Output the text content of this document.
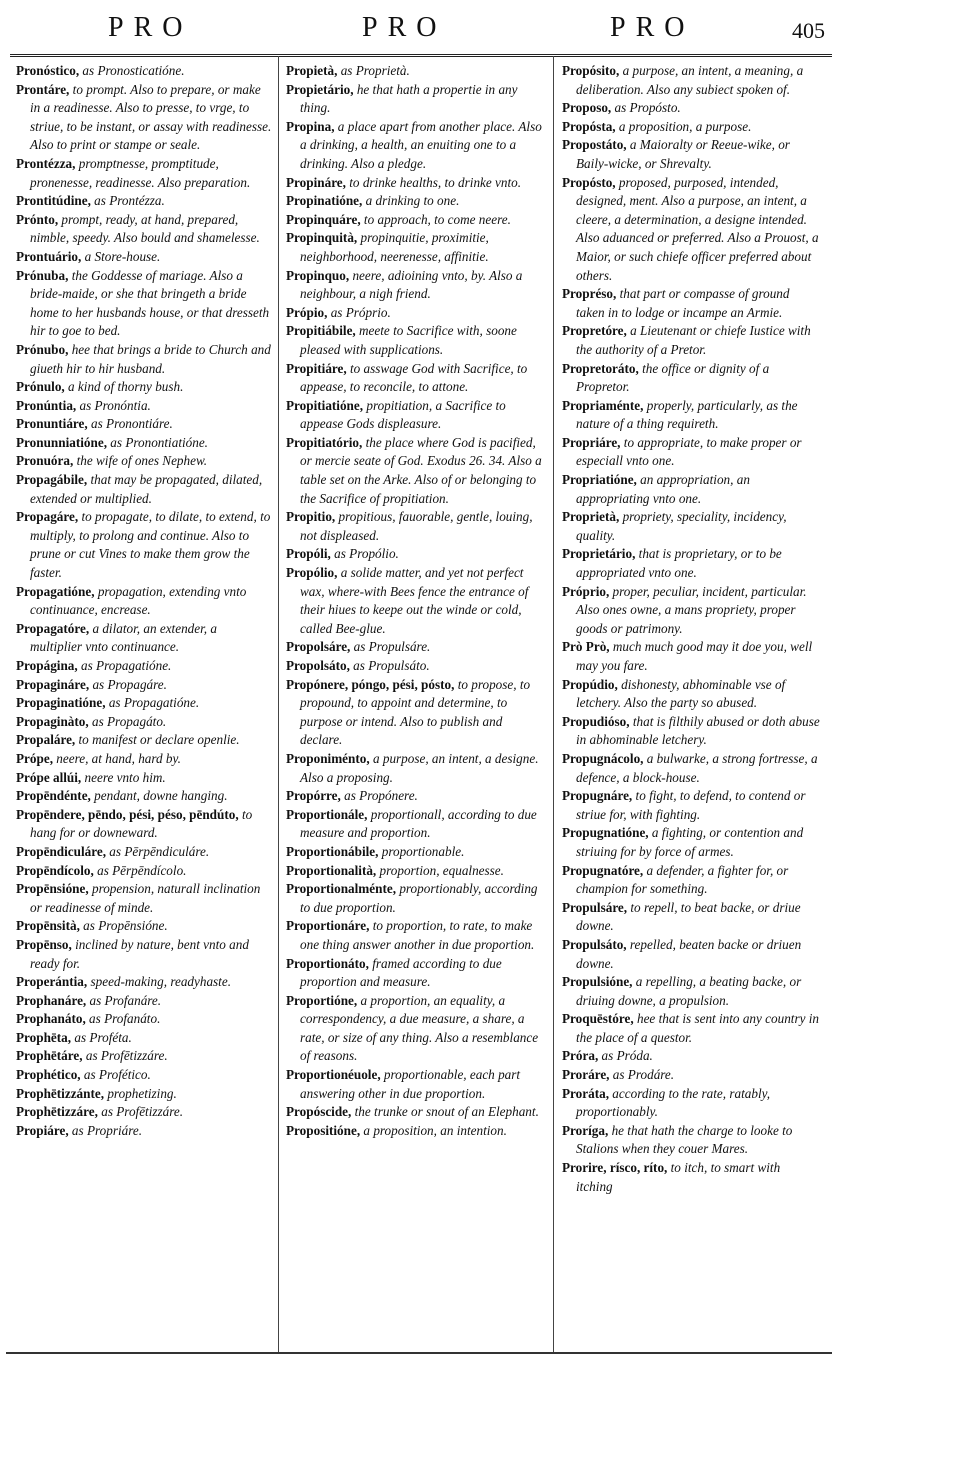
PRO	PRO	PRO	405

Pronósticο, as Pronosticatióne.

Prontáre, to prompt. Also to prepare, or make in a readinesse. Also to presse, to vrge, to striue, to be instant, or assay with readinesse. Also to print or stampe or seale.

Prontézza, promptnesse, promptitude, pronenesse, readinesse. Also preparation.

Prontitúdine, as Prontézza.

Prónto, prompt, ready, at hand, prepared, nimble, speedy. Also bould and shamelesse.

Prontuário, a Store-house.

Prónuba, the Goddesse of mariage. Also a bride-maide, or she that bringeth a bride home to her husbands house, or that dresseth hir to goe to bed.

Prónubo, hee that brings a bride to Church and giueth hir to hir husband.

Prónulo, a kind of thorny bush.

Pronúntia, as Pronóntia.

Pronuntiáre, as Pronontiáre.

Pronunniatióne, as Pronontiatióne.

Pronuóra, the wife of ones Nephew.

Propagábile, that may be propagated, dilated, extended or multiplied.

Propagáre, to propagate, to dilate, to extend, to multiply, to prolong and continue. Also to prune or cut Vines to make them grow the faster.

Propagatióne, propagation, extending vnto continuance, encrease.

Propagatóre, a dilator, an extender, a multiplier vnto continuance.

Propágina, as Propagatióne.

Propagináre, as Propagáre.

Propaginatióne, as Propagatióne.

Propaginàto, as Propagáto.

Propaláre, to manifest or declare openlie.

Própe, neere, at hand, hard by.

Própe allúi, neere vnto him.

Propēndénte, pendant, downe hanging.

Propēndere, pēndo, pési, péso, pēndúto, to hang for or downeward.

Propēndiculáre, as Pērpēndiculáre.

Propēndícolo, as Pērpēndícolo.

Propēnsióne, propension, naturall inclination or readinesse of minde.

Propēnsità, as Propēnsióne.

Propēnso, inclined by nature, bent vnto and ready for.

Properántia, speed-making, readyhaste.

Prophanáre, as Profanáre.

Prophanáto, as Profanáto.

Prophēta, as Proféta.

Prophētáre, as Profētizzáre.

Prophético, as Profético.

Prophētizzánte, prophetizing.

Prophētizzáre, as Profētizzáre.

Propiáre, as Propriáre.

Propietà, as Proprietà.

Propietário, he that hath a propertie in any thing.

Propina, a place apart from another place. Also a drinking, a health, an enuiting one to a drinking. Also a pledge.

Propináre, to drinke healths, to drinke vnto.

Propinatióne, a drinking to one.

Propinquáre, to approach, to come neere.

Propinquità, propinquitie, proximitie, neighborhood, neerenesse, affinitie.

Propinquo, neere, adioining vnto, by. Also a neighbour, a nigh friend.

Própio, as Próprio.

Propitiábile, meete to Sacrifice with, soone pleased with supplications.

Propitiáre, to asswage God with Sacrifice, to appease, to reconcile, to attone.

Propitiatióne, propitiation, a Sacrifice to appease Gods displeasure.

Propitiatório, the place where God is pacified, or mercie seate of God. Exodus 26. 34. Also a table set on the Arke. Also of or belonging to the Sacrifice of propitiation.

Propitio, propitious, fauorable, gentle, louing, not displeased.

Propóli, as Propólio.

Propólio, a solide matter, and yet not perfect wax, where-with Bees fence the entrance of their hiues to keepe out the winde or cold, called Bee-glue.

Propolsáre, as Propulsáre.

Propolsáto, as Propulsáto.

Propónere, póngo, pési, pósto, to propose, to propound, to appoint and determine, to purpose or intend. Also to publish and declare.

Proponiménto, a purpose, an intent, a designe. Also a proposing.

Propórre, as Propónere.

Proportionále, proportionall, according to due measure and proportion.

Proportionábile, proportionable.

Proportionalità, proportion, equalnesse.

Proportionalménte, proportionably, according to due proportion.

Proportionáre, to proportion, to rate, to make one thing answer another in due proportion.

Proportionáto, framed according to due proportion and measure.

Proportióne, a proportion, an equality, a correspondency, a due measure, a share, a rate, or size of any thing. Also a resemblance of reasons.

Proportionéuole, proportionable, each part answering other in due proportion.

Propóscide, the trunke or snout of an Elephant.

Propositióne, a proposition, an intention.

Propósito, a purpose, an intent, a meaning, a deliberation. Also any subiect spoken of.

Proposo, as Propósto.

Propósta, a proposition, a purpose.

Propostáto, a Maioralty or Reeue-wike, or Baily-wicke, or Shrevalty.

Propósto, proposed, purposed, intended, designed, ment. Also a purpose, an intent, a cleere, a determination, a designe intended. Also aduanced or preferred. Also a Prouost, a Maior, or such chiefe officer preferred about others.

Propréso, that part or compasse of ground taken in to lodge or incampe an Armie.

Propretóre, a Lieutenant or chiefe Iustice with the authority of a Pretor.

Propretoráto, the office or dignity of a Propretor.

Propriaménte, properly, particularly, as the nature of a thing requireth.

Propriáre, to appropriate, to make proper or especiall vnto one.

Propriatióne, an appropriation, an appropriating vnto one.

Proprietà, propriety, speciality, incidency, quality.

Proprietário, that is proprietary, or to be appropriated vnto one.

Próprio, proper, peculiar, incident, particular. Also ones owne, a mans propriety, proper goods or patrimony.

Prò Prò, much much good may it doe you, well may you fare.

Propúdio, dishonesty, abhominable vse of letchery. Also the party so abused.

Propudióso, that is filthily abused or doth abuse in abhominable letchery.

Propugnácolo, a bulwarke, a strong fortresse, a defence, a block-house.

Propugnáre, to fight, to defend, to contend or striue for, with fighting.

Propugnatióne, a fighting, or contention and striuing for by force of armes.

Propugnatóre, a defender, a fighter for, or champion for something.

Propulsáre, to repell, to beat backe, or driue downe.

Propulsáto, repelled, beaten backe or driuen downe.

Propulsióne, a repelling, a beating backe, or driuing downe, a propulsion.

Proquēstóre, hee that is sent into any country in the place of a questor.

Próra, as Próda.

Proráre, as Prodáre.

Proráta, according to the rate, ratably, proportionably.

Proríga, he that hath the charge to looke to Stalions when they couer Mares.

Prorire, rísco, ríto, to itch, to smart with itching
